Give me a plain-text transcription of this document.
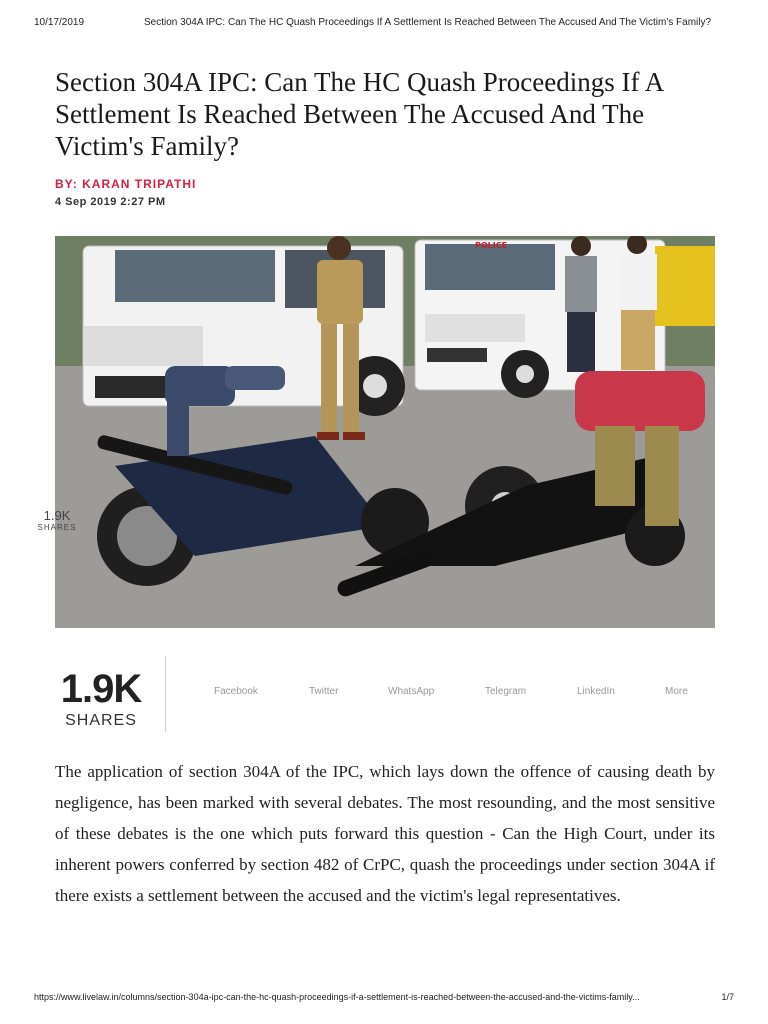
10/17/2019	Section 304A IPC: Can The HC Quash Proceedings If A Settlement Is Reached Between The Accused And The Victim's Family?
Section 304A IPC: Can The HC Quash Proceedings If A Settlement Is Reached Between The Accused And The Victim's Family?
BY: KARAN TRIPATHI
4 Sep 2019 2:27 PM
POLICE
1.9K
SHARES
1.9K
SHARES
Facebook	Twitter	WhatsApp	Telegram	LinkedIn	More

The application of section 304A of the IPC, which lays down the offence of causing death by negligence, has been marked with several debates. The most resounding, and the most sensitive of these debates is the one which puts forward this question - Can the High Court, under its inherent powers conferred by section 482 of CrPC, quash the proceedings under section 304A if there exists a settlement between the accused and the victim's legal representatives.

https://www.livelaw.in/columns/section-304a-ipc-can-the-hc-quash-proceedings-if-a-settlement-is-reached-between-the-accused-and-the-victims-family...	1/7
